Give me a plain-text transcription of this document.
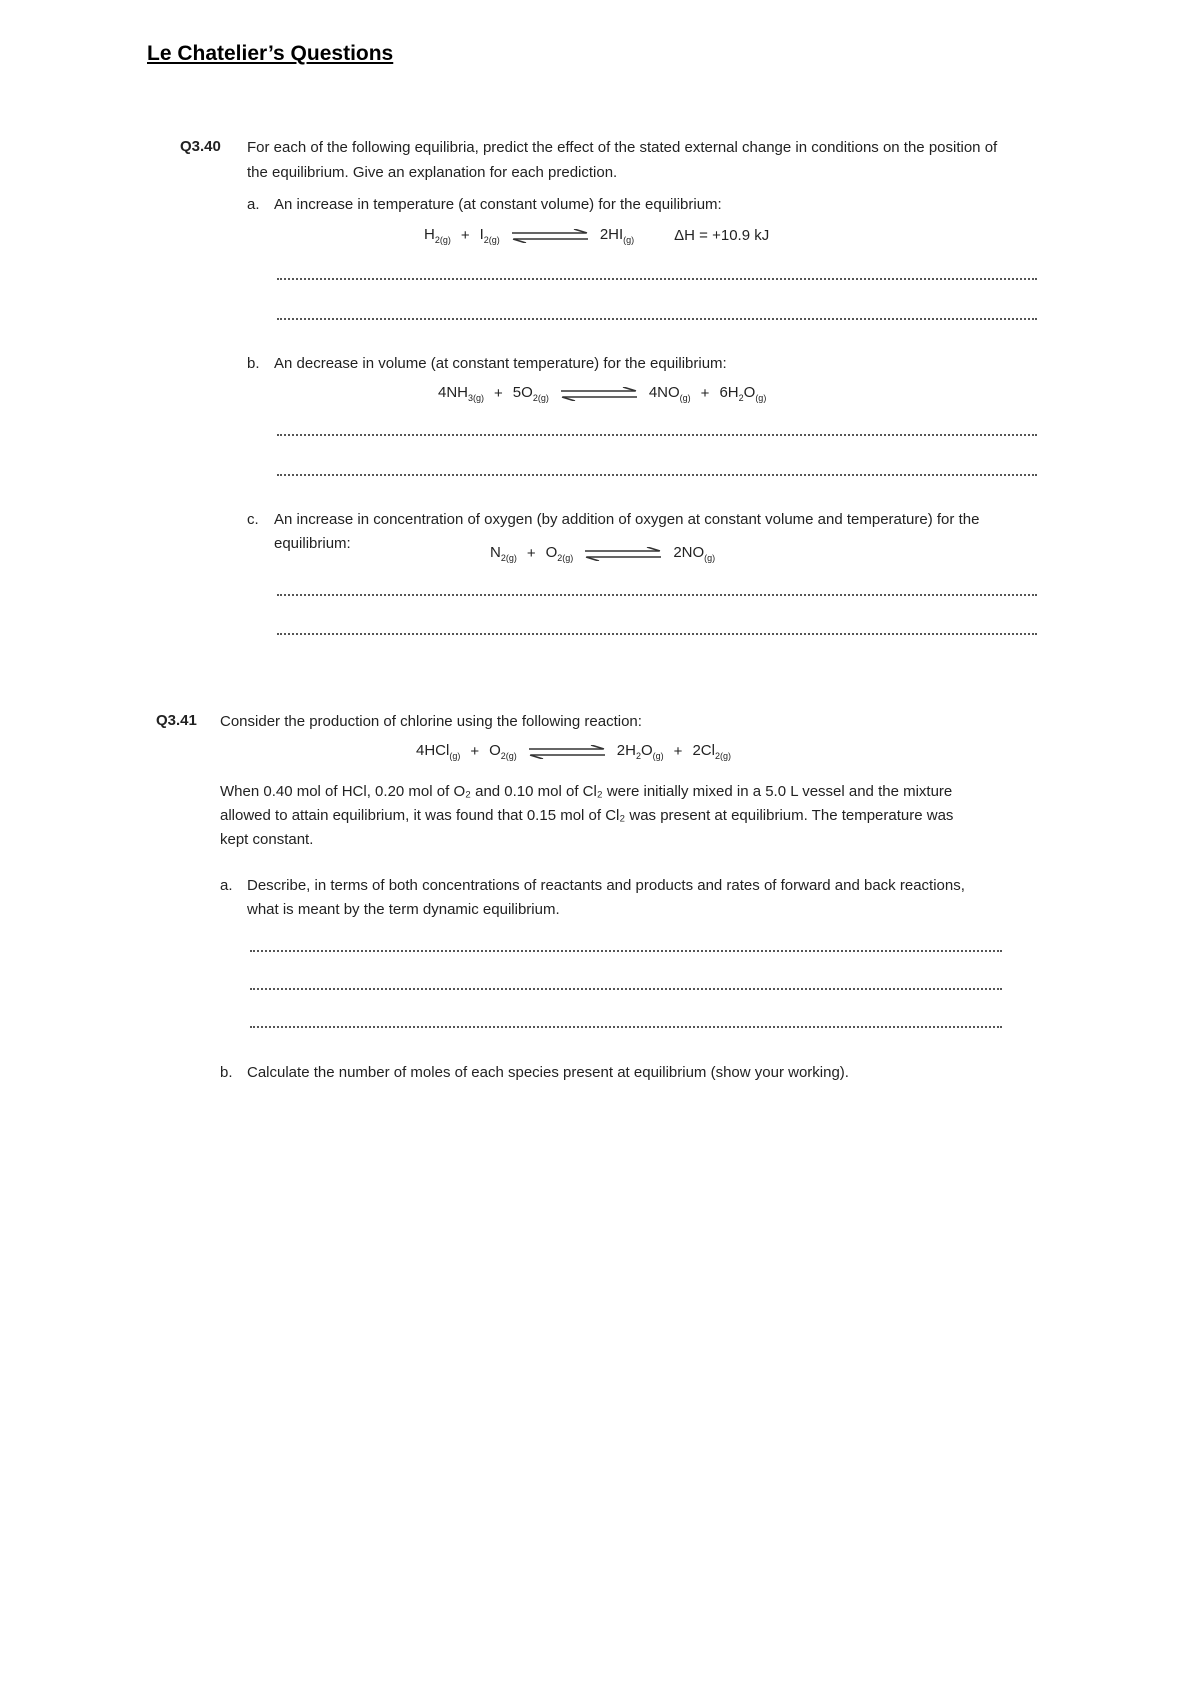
Le Chatelier’s Questions
Q3.40 For each of the following equilibria, predict the effect of the stated external change in conditions on the position of
the equilibrium. Give an explanation for each prediction.
a. An increase in temperature (at constant volume) for the equilibrium:
$H_{2(g)} + I_{2(g)}$	$2HI_{(g)}$	ΔH = +10.9 kJ
b. An decrease in volume (at constant temperature) for the equilibrium:
$4NH_{3(g)} + 5O_{2(g)}$	$4NO_{(g)} + 6H_2O_{(g)}$
c. An increase in concentration of oxygen (by addition of oxygen at constant volume and temperature) for the
equilibrium:
$N_{2(g)} + O_{2(g)}$	$2NO_{(g)}$
Q3.41 Consider the production of chlorine using the following reaction:
$4HCl_{(g)} + O_{2(g)}$	$2H_2O_{(g)} + 2Cl_{2(g)}$
When 0.40 mol of HCl, 0.20 mol of O₂ and 0.10 mol of Cl₂ were initially mixed in a 5.0 L vessel and the mixture
allowed to attain equilibrium, it was found that 0.15 mol of Cl₂ was present at equilibrium. The temperature was
kept constant.
a. Describe, in terms of both concentrations of reactants and products and rates of forward and back reactions,
what is meant by the term dynamic equilibrium.
b. Calculate the number of moles of each species present at equilibrium (show your working).
